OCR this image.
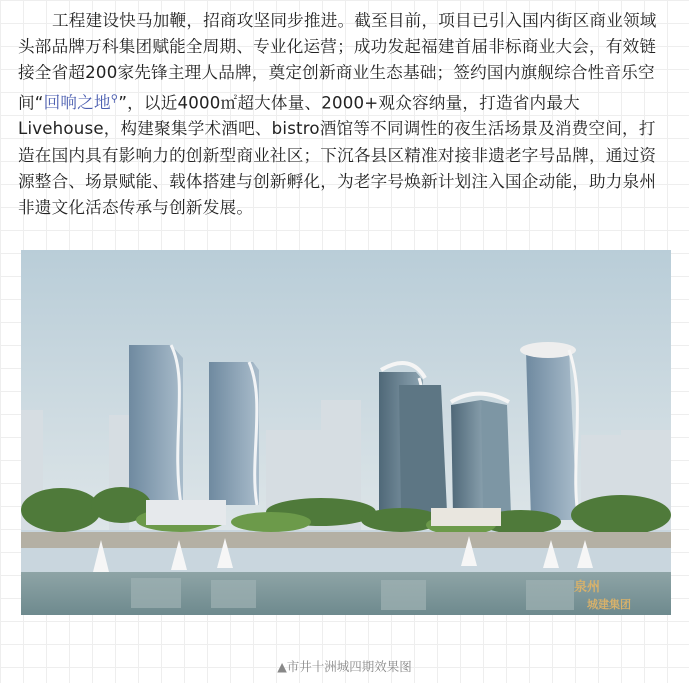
工程建设快马加鞭，招商攻坚同步推进。截至目前，项目已引入国内街区商业领域头部品牌万科集团赋能全周期、专业化运营；成功发起福建首届非标商业大会，有效链接全省超200家先锋主理人品牌，奠定创新商业生态基础；签约国内旗舰综合性音乐空间“回响之地⚲”，以近4000㎡超大体量、2000+观众容纳量，打造省内最大Livehouse，构建聚集学术酒吧、bistro酒馆等不同调性的夜生活场景及消费空间，打造在国内具有影响力的创新型商业社区；下沉各县区精准对接非遗老字号品牌，通过资源整合、场景赋能、载体搭建与创新孵化，为老字号焕新计划注入国企动能，助力泉州非遗文化活态传承与创新发展。

泉州
城建集团
▲市井十洲城四期效果图
